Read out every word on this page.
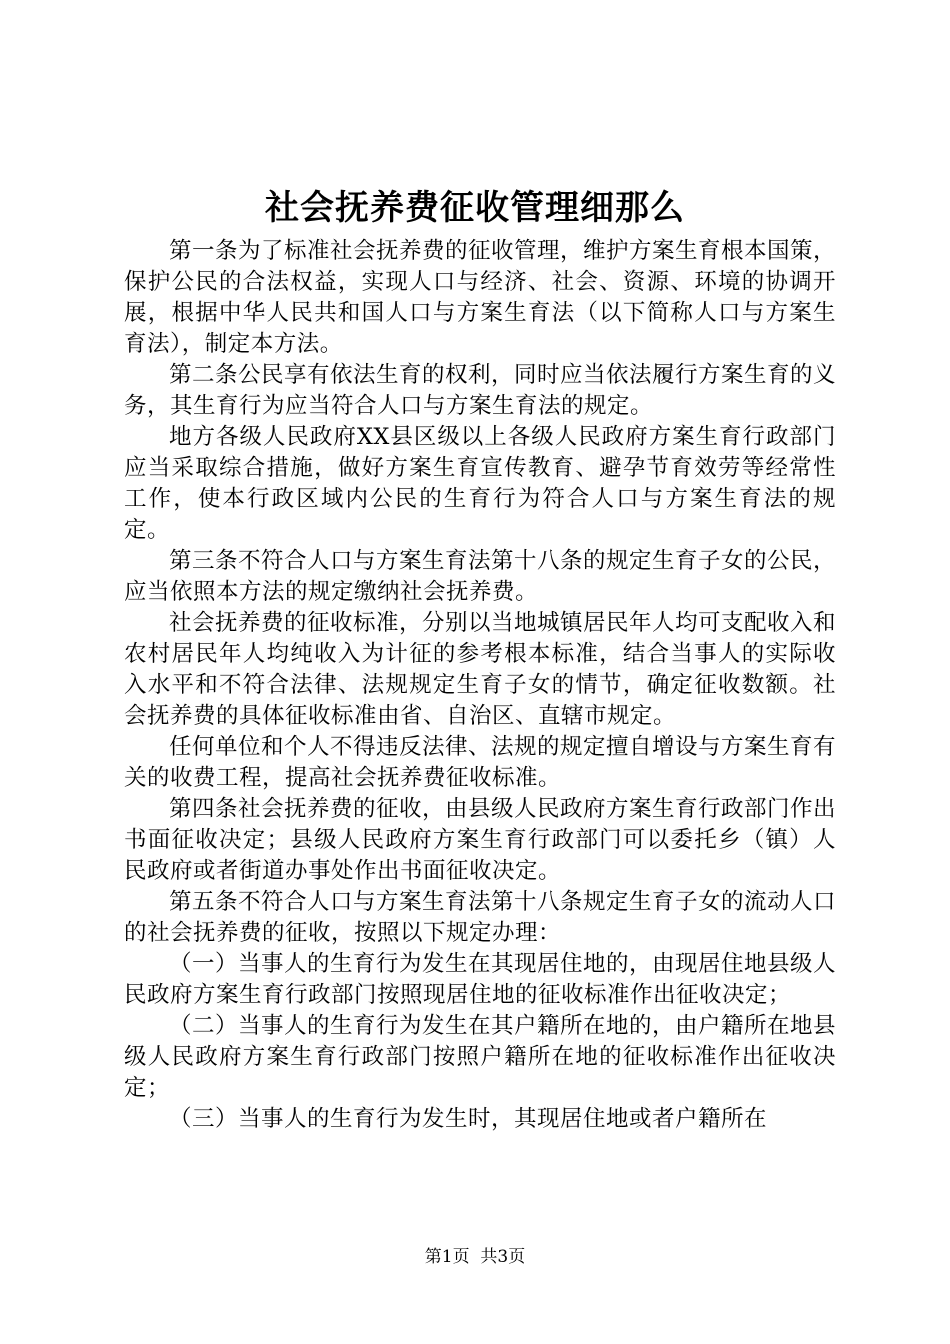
社会抚养费征收管理细那么

第一条为了标准社会抚养费的征收管理，维护方案生育根本国策，保护公民的合法权益，实现人口与经济、社会、资源、环境的协调开展，根据中华人民共和国人口与方案生育法（以下简称人口与方案生育法），制定本方法。

第二条公民享有依法生育的权利，同时应当依法履行方案生育的义务，其生育行为应当符合人口与方案生育法的规定。

地方各级人民政府XX县区级以上各级人民政府方案生育行政部门应当采取综合措施，做好方案生育宣传教育、避孕节育效劳等经常性工作，使本行政区域内公民的生育行为符合人口与方案生育法的规定。

第三条不符合人口与方案生育法第十八条的规定生育子女的公民，应当依照本方法的规定缴纳社会抚养费。

社会抚养费的征收标准，分别以当地城镇居民年人均可支配收入和农村居民年人均纯收入为计征的参考根本标准，结合当事人的实际收入水平和不符合法律、法规规定生育子女的情节，确定征收数额。社会抚养费的具体征收标准由省、自治区、直辖市规定。

任何单位和个人不得违反法律、法规的规定擅自增设与方案生育有关的收费工程，提高社会抚养费征收标准。

第四条社会抚养费的征收，由县级人民政府方案生育行政部门作出书面征收决定；县级人民政府方案生育行政部门可以委托乡（镇）人民政府或者街道办事处作出书面征收决定。

第五条不符合人口与方案生育法第十八条规定生育子女的流动人口的社会抚养费的征收，按照以下规定办理：

（一）当事人的生育行为发生在其现居住地的，由现居住地县级人民政府方案生育行政部门按照现居住地的征收标准作出征收决定；

（二）当事人的生育行为发生在其户籍所在地的，由户籍所在地县级人民政府方案生育行政部门按照户籍所在地的征收标准作出征收决定；

（三）当事人的生育行为发生时，其现居住地或者户籍所在

第1页  共3页
